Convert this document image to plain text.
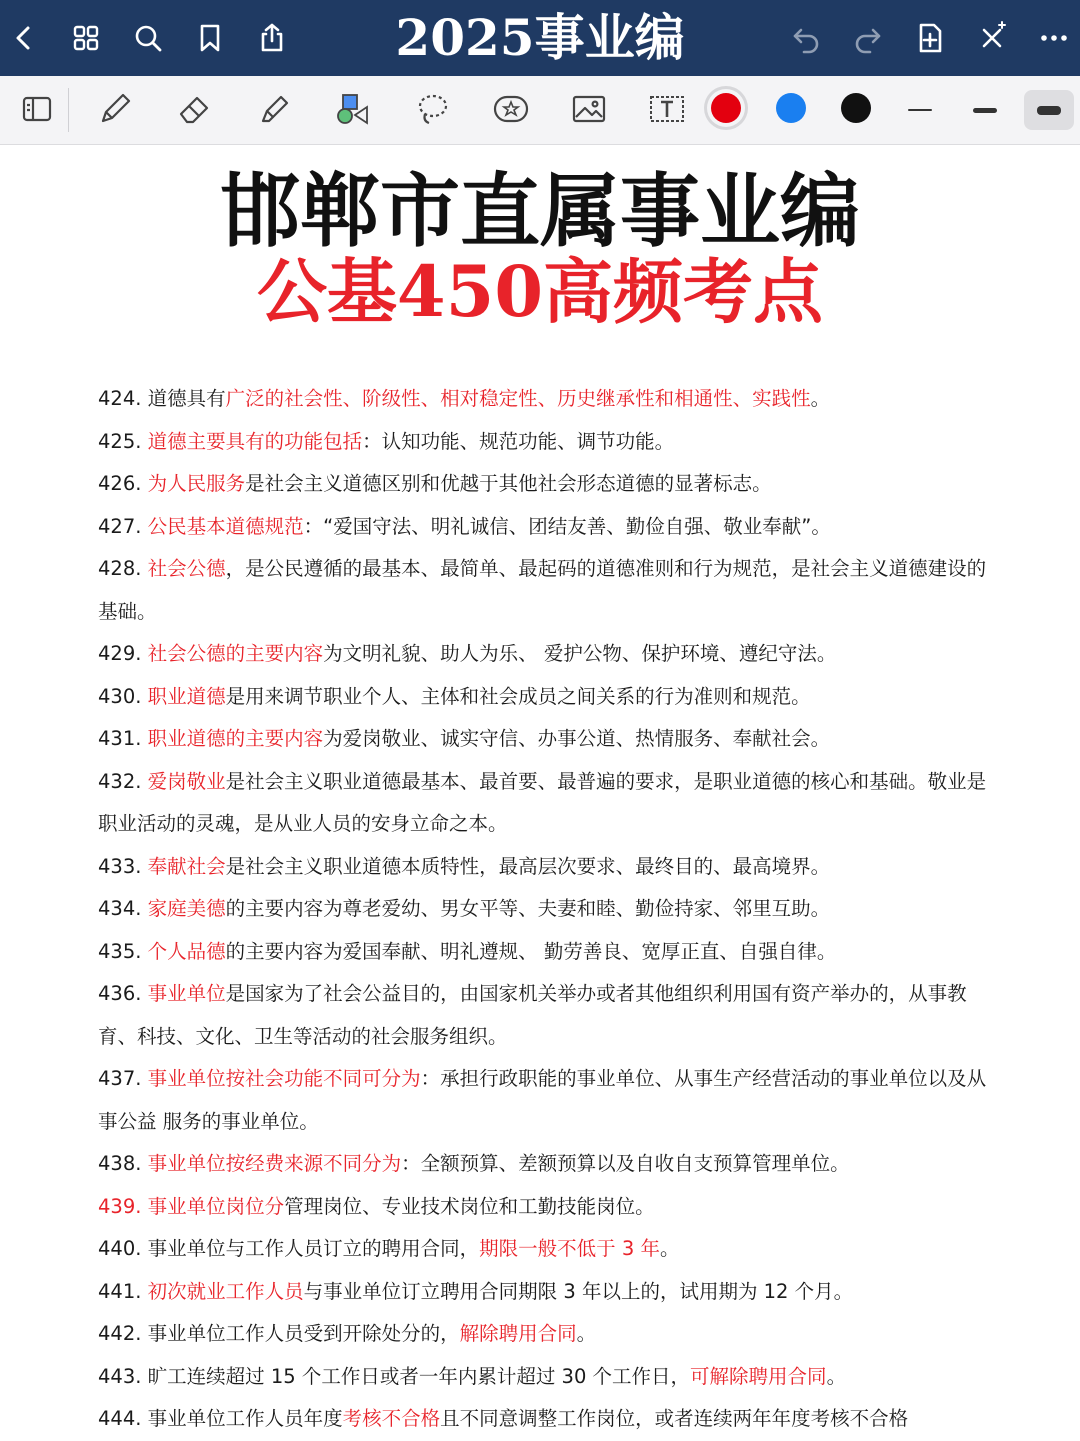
2025事业编
邯郸市直属事业编
公基450高频考点
424. 道德具有广泛的社会性、阶级性、相对稳定性、历史继承性和相通性、实践性。
425. 道德主要具有的功能包括：认知功能、规范功能、调节功能。
426. 为人民服务是社会主义道德区别和优越于其他社会形态道德的显著标志。
427. 公民基本道德规范：“爱国守法、明礼诚信、团结友善、勤俭自强、敬业奉献”。
428. 社会公德，是公民遵循的最基本、最简单、最起码的道德准则和行为规范，是社会主义道德建设的基础。
429. 社会公德的主要内容为文明礼貌、助人为乐、 爱护公物、保护环境、遵纪守法。
430. 职业道德是用来调节职业个人、主体和社会成员之间关系的行为准则和规范。
431. 职业道德的主要内容为爱岗敬业、诚实守信、办事公道、热情服务、奉献社会。
432. 爱岗敬业是社会主义职业道德最基本、最首要、最普遍的要求，是职业道德的核心和基础。敬业是职业活动的灵魂，是从业人员的安身立命之本。
433. 奉献社会是社会主义职业道德本质特性，最高层次要求、最终目的、最高境界。
434. 家庭美德的主要内容为尊老爱幼、男女平等、夫妻和睦、勤俭持家、邻里互助。
435. 个人品德的主要内容为爱国奉献、明礼遵规、 勤劳善良、宽厚正直、自强自律。
436. 事业单位是国家为了社会公益目的，由国家机关举办或者其他组织利用国有资产举办的，从事教育、科技、文化、卫生等活动的社会服务组织。
437. 事业单位按社会功能不同可分为：承担行政职能的事业单位、从事生产经营活动的事业单位以及从事公益 服务的事业单位。
438. 事业单位按经费来源不同分为：全额预算、差额预算以及自收自支预算管理单位。
439. 事业单位岗位分管理岗位、专业技术岗位和工勤技能岗位。
440. 事业单位与工作人员订立的聘用合同，期限一般不低于 3 年。
441. 初次就业工作人员与事业单位订立聘用合同期限 3 年以上的，试用期为 12 个月。
442. 事业单位工作人员受到开除处分的，解除聘用合同。
443. 旷工连续超过 15 个工作日或者一年内累计超过 30 个工作日，可解除聘用合同。
444. 事业单位工作人员年度考核不合格且不同意调整工作岗位，或者连续两年年度考核不合格
